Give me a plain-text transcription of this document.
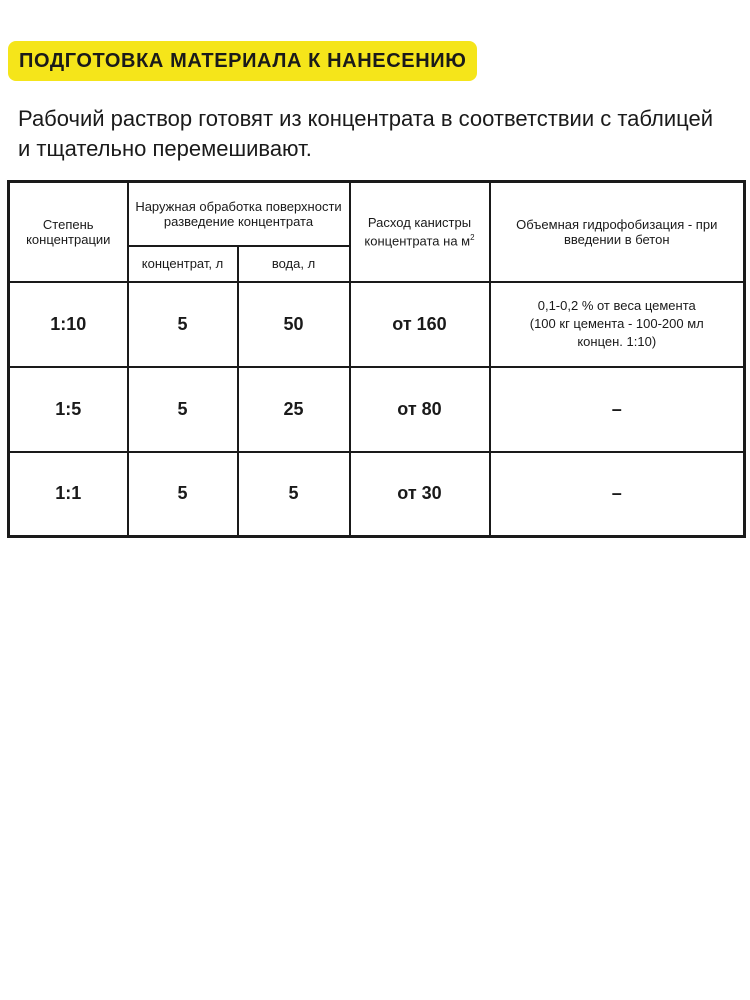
ПОДГОТОВКА МАТЕРИАЛА К НАНЕСЕНИЮ
Рабочий раствор готовят из концентрата в соответствии с таблицей и тщательно перемешивают.
Степень концентрации	Наружная обработка поверхности разведение концентрата		Расход канистры концентрата на $м^2$	Объемная гидрофобизация - при введении в бетон
	концентрат, л	вода, л		
1:10	5	50	от 160	0,1-0,2 % от веса цемента
(100 кг цемента - 100-200 мл
концен. 1:10)

1:5	5	25	от 80	–
1:1	5	5	от 30	–
